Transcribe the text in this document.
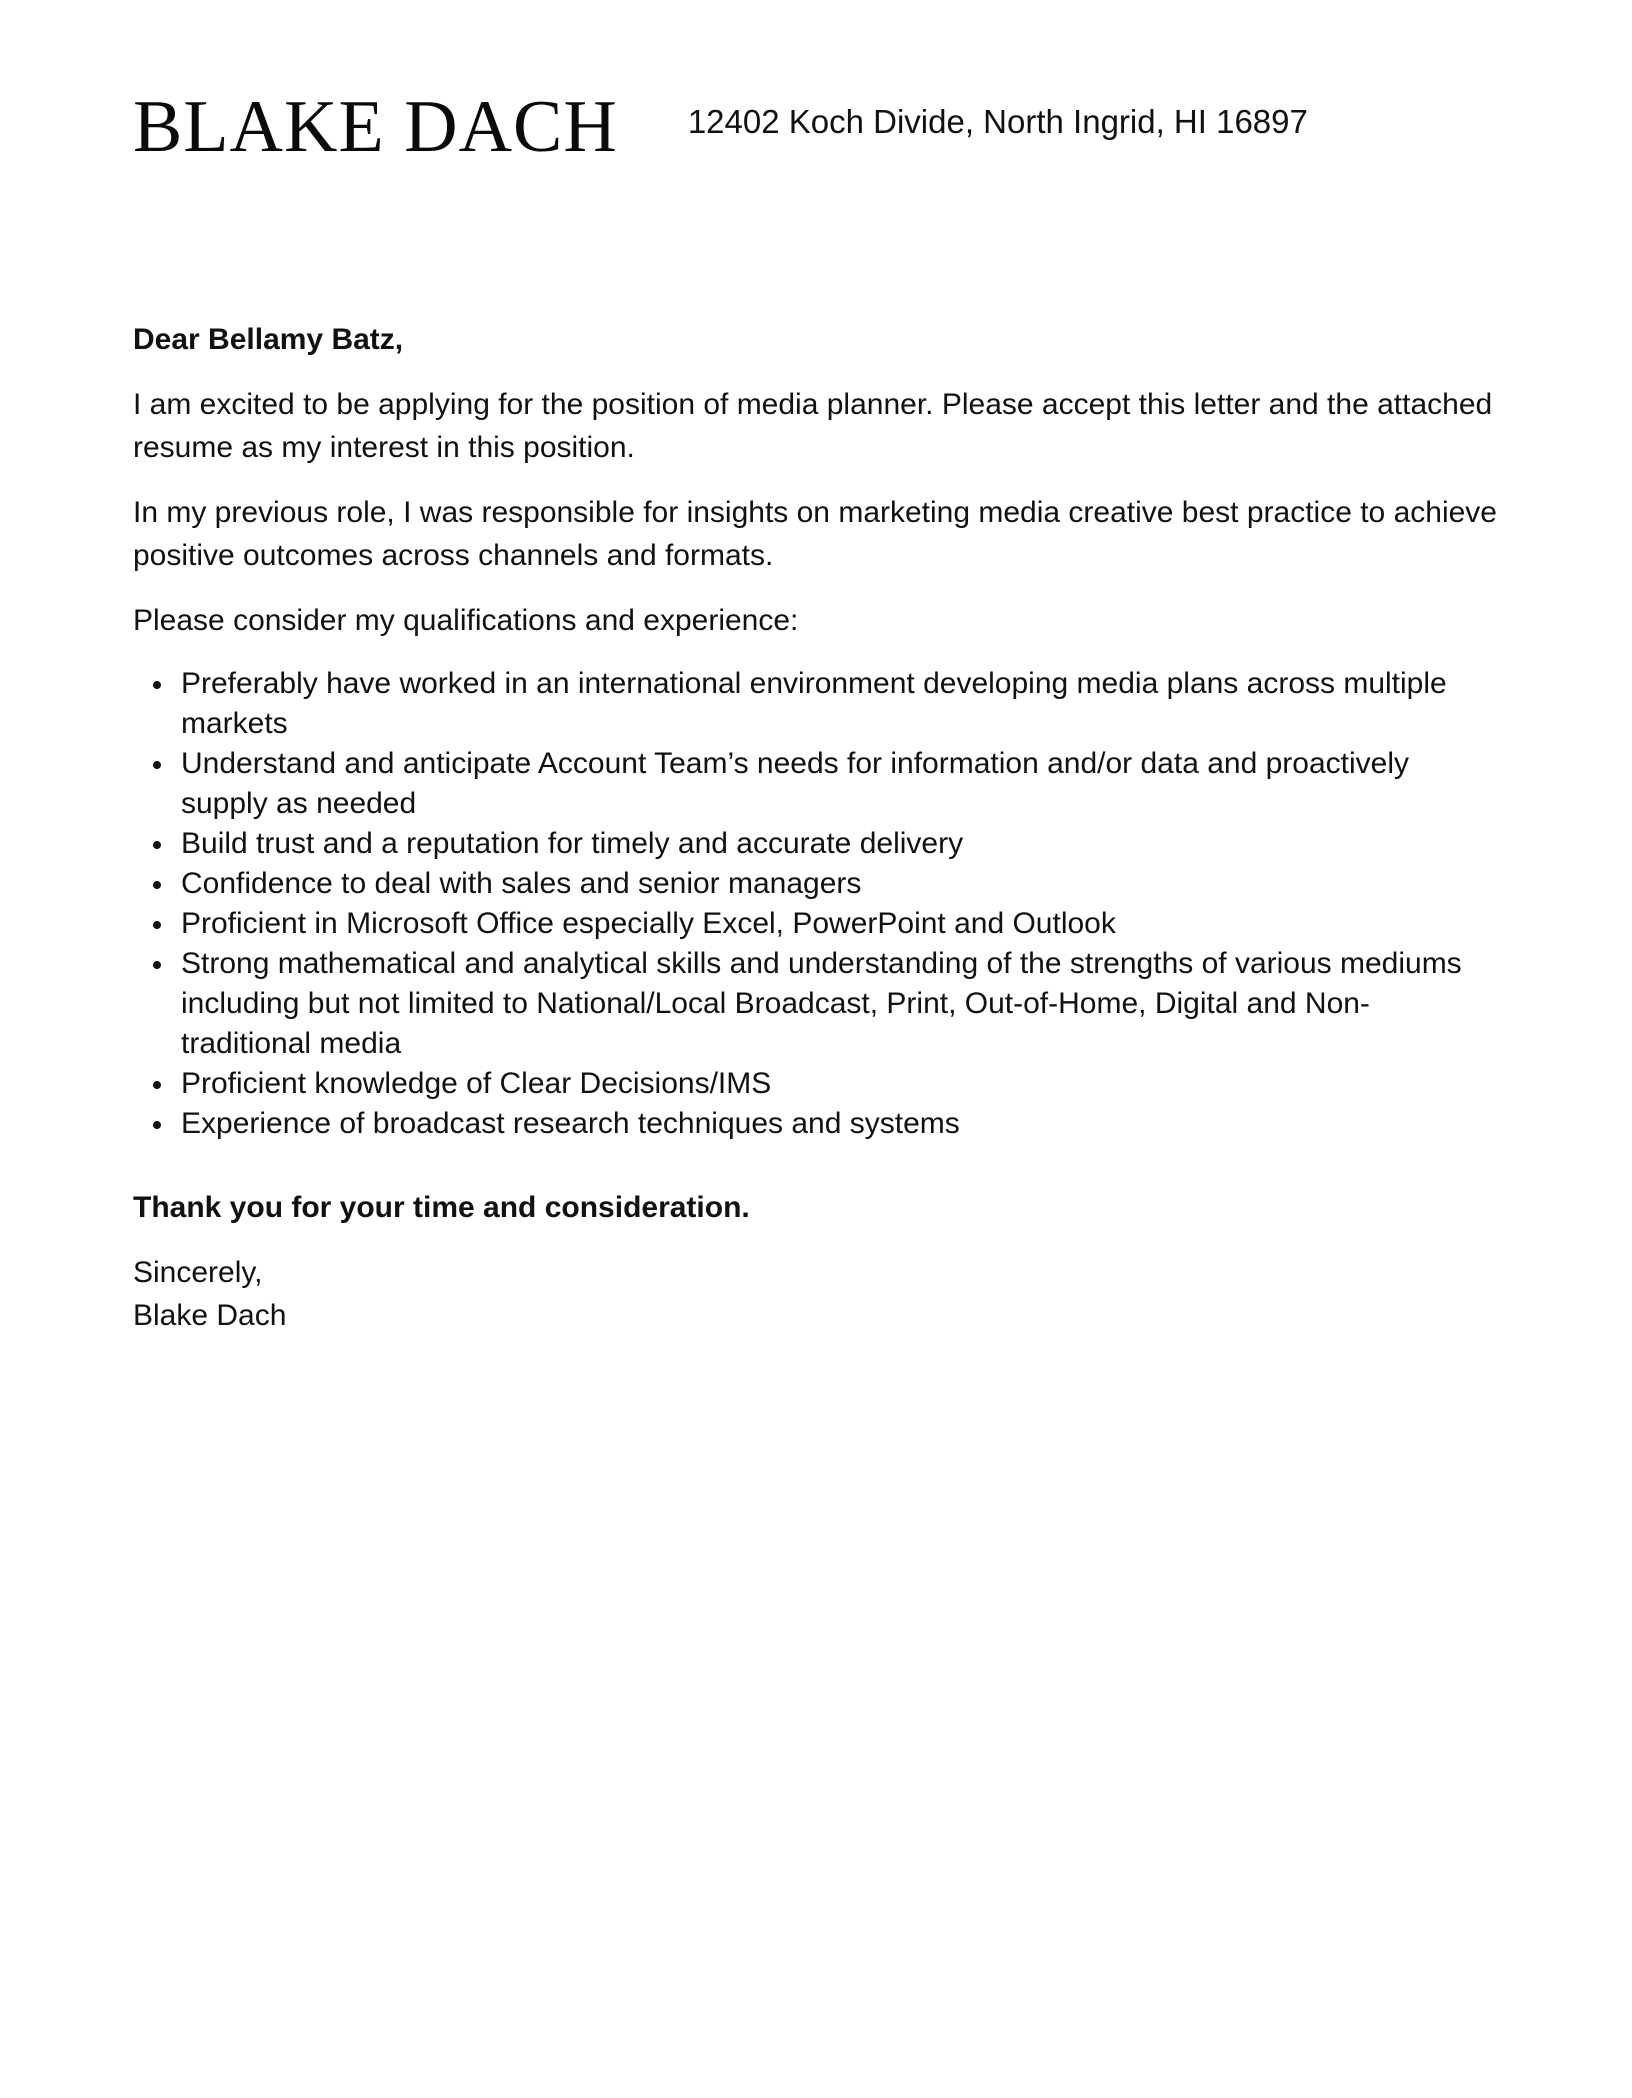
BLAKE DACH 12402 Koch Divide, North Ingrid, HI 16897

Dear Bellamy Batz,

I am excited to be applying for the position of media planner. Please accept this letter and the attached resume as my interest in this position.

In my previous role, I was responsible for insights on marketing media creative best practice to achieve positive outcomes across channels and formats.

Please consider my qualifications and experience:

Preferably have worked in an international environment developing media plans across multiple markets
Understand and anticipate Account Team’s needs for information and/or data and proactively supply as needed
Build trust and a reputation for timely and accurate delivery
Confidence to deal with sales and senior managers
Proficient in Microsoft Office especially Excel, PowerPoint and Outlook
Strong mathematical and analytical skills and understanding of the strengths of various mediums including but not limited to National/Local Broadcast, Print, Out-of-Home, Digital and Non-traditional media
Proficient knowledge of Clear Decisions/IMS
Experience of broadcast research techniques and systems

Thank you for your time and consideration.

Sincerely,

Blake Dach
